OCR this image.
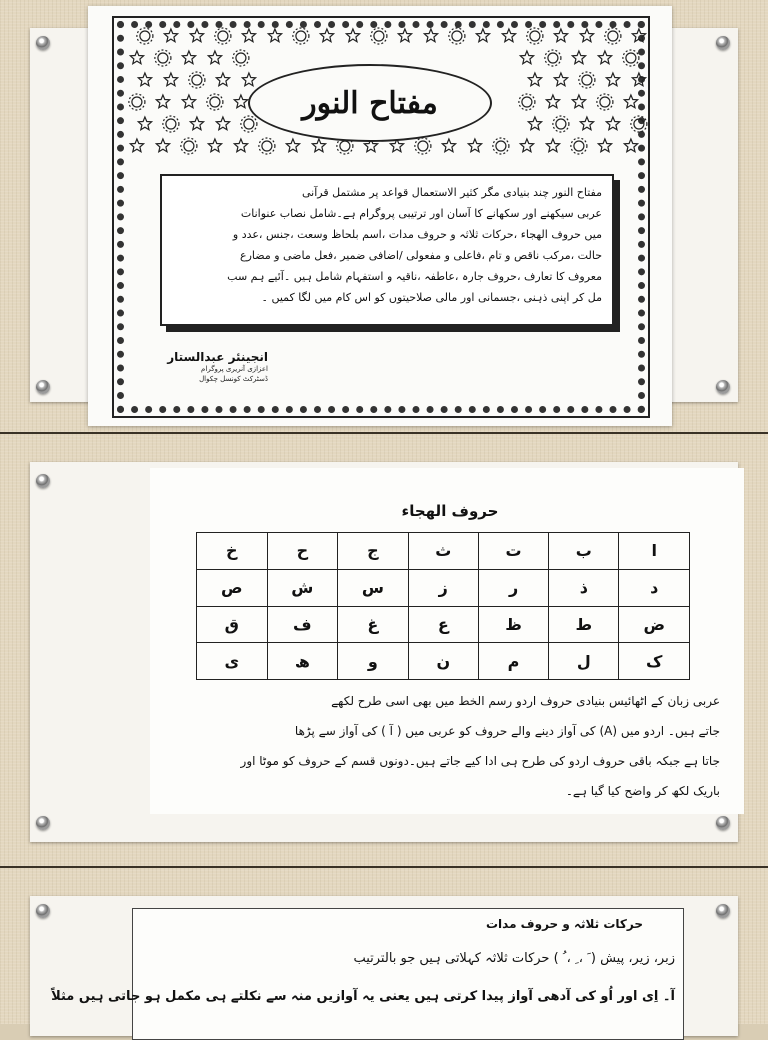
مفتاح النور

مفتاح النور چند بنیادی مگر کثیر الاستعمال قواعد پر مشتمل قرآنی

عربی سیکھنے اور سکھانے کا آسان اور ترتیبی پروگرام ہے۔شامل نصاب عنوانات

میں حروف الھجاء ،حرکات ثلاثہ و حروف مدات ،اسم بلحاظ وسعت ،جنس ،عدد و

حالت ،مرکب ناقص و تام ،فاعلی و مفعولی /اضافی ضمیر ،فعل ماضی و مضارع

معروف کا تعارف ،حروف جارہ ،عاطفہ ،ناقیہ و استفہام شامل ہیں ۔آئیے ہم سب

مل کر اپنی ذہنی ،جسمانی اور مالی صلاحیتوں کو اس کام میں لگا کمیں ۔

انجینئر عبدالستار
اعزازی آنریری پروگرام
ڈسٹرکٹ کونسل چکوال
حروف الھجاء
ا	ب	ت	ث	ج	ح	خ
د	ذ	ر	ز	س	ش	ص
ض	ط	ظ	ع	غ	ف	ق
ک	ل	م	ن	و	ھ	ی
عربی زبان کے اٹھائیس بنیادی حروف اردو رسم الخط میں بھی اسی طرح لکھے
جاتے ہیں۔ اردو میں (A) کی آواز دینے والے حروف کو عربی میں ( آ ) کی آواز سے پڑھا
جاتا ہے جبکہ باقی حروف اردو کی طرح ہی ادا کیے جاتے ہیں۔دونوں قسم کے حروف کو موٹا اور
باریک لکھ کر واضح کیا گیا ہے۔
حرکات ثلاثہ و حروف مدات
زبر، زیر، پیش ( َ ، ِ ، ُ ) حرکات ثلاثہ کہلاتی ہیں جو بالترتیب
آ۔ اِی اور اُو کی آدھی آواز پیدا کرتی ہیں یعنی یہ آوازیں منہ سے نکلتے ہی مکمل ہو جاتی ہیں مثلاً
